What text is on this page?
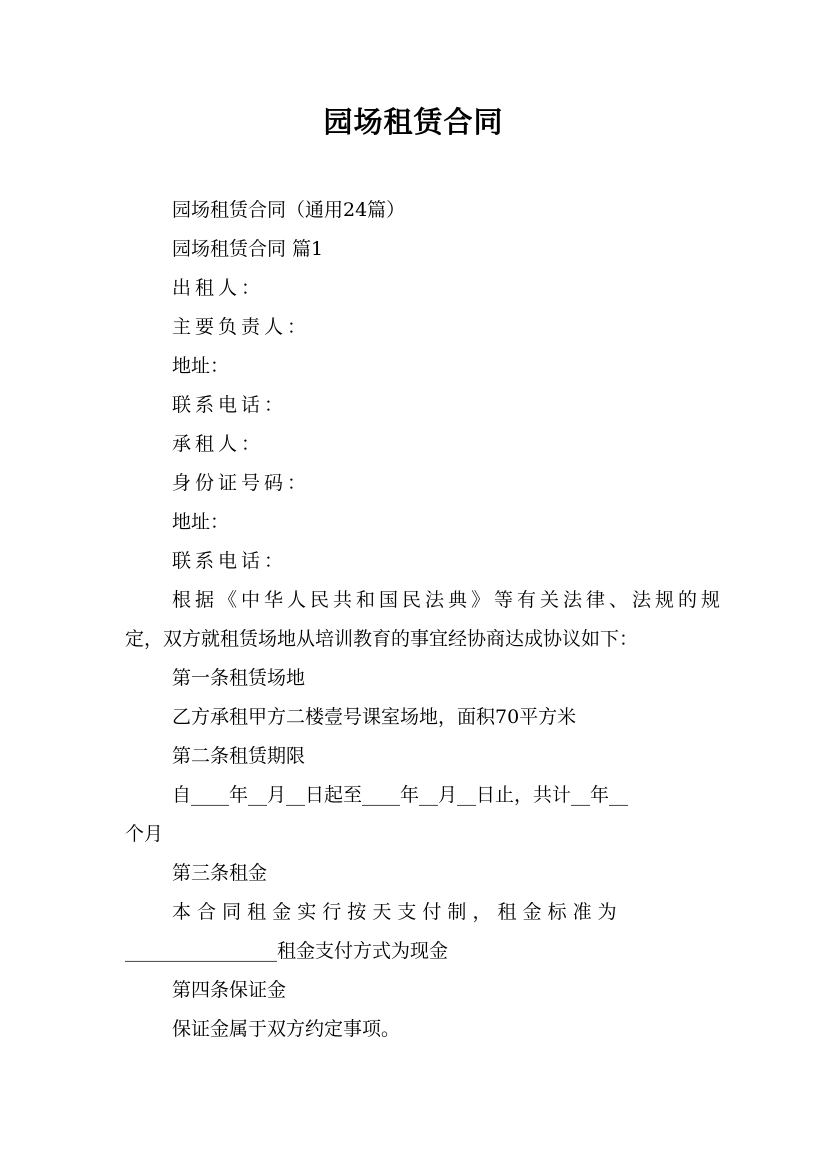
园场租赁合同
园场租赁合同（通用24篇）
园场租赁合同 篇1
出租人：
主要负责人：
地址：
联系电话：
承租人：
身份证号码：
地址：
联系电话：
根据《中华人民共和国民法典》等有关法律、法规的规
定，双方就租赁场地从培训教育的事宜经协商达成协议如下：
第一条租赁场地
乙方承租甲方二楼壹号课室场地，面积70平方米
第二条租赁期限
自____年__月__日起至____年__月__日止，共计__年__
个月
第三条租金
本 合 同 租 金 实 行 按 天 支 付 制 ， 租 金 标 准 为
________________租金支付方式为现金
第四条保证金
保证金属于双方约定事项。
